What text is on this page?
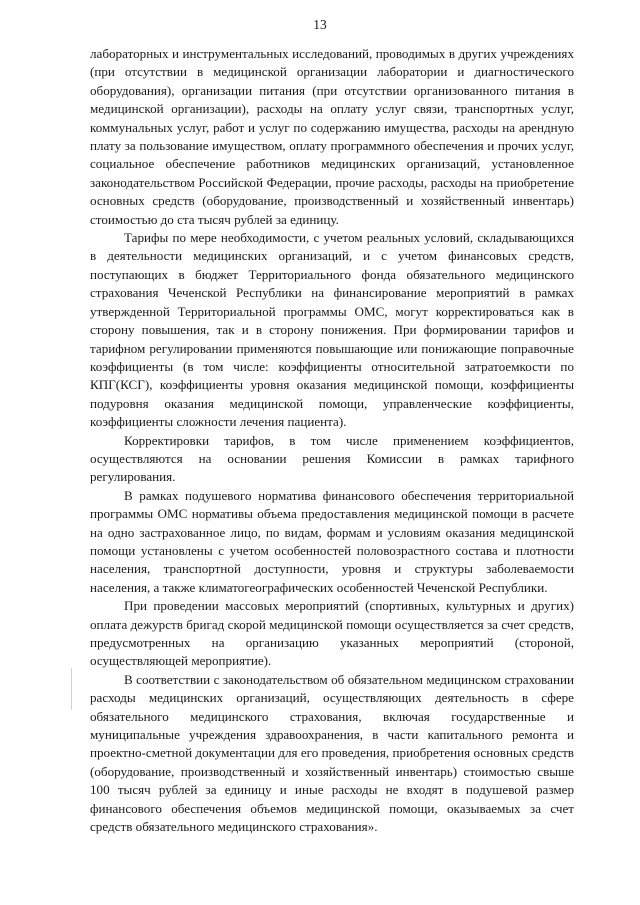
13

лабораторных и инструментальных исследований, проводимых в других учреждениях (при отсутствии в медицинской организации лаборатории и диагностического оборудования), организации питания (при отсутствии организованного питания в медицинской организации), расходы на оплату услуг связи, транспортных услуг, коммунальных услуг, работ и услуг по содержанию имущества, расходы на арендную плату за пользование имуществом, оплату программного обеспечения и прочих услуг, социальное обеспечение работников медицинских организаций, установленное законодательством Российской Федерации, прочие расходы, расходы на приобретение основных средств (оборудование, производственный и хозяйственный инвентарь) стоимостью до ста тысяч рублей за единицу.

Тарифы по мере необходимости, с учетом реальных условий, складывающихся в деятельности медицинских организаций, и с учетом финансовых средств, поступающих в бюджет Территориального фонда обязательного медицинского страхования Чеченской Республики на финансирование мероприятий в рамках утвержденной Территориальной программы ОМС, могут корректироваться как в сторону повышения, так и в сторону понижения. При формировании тарифов и тарифном регулировании применяются повышающие или понижающие поправочные коэффициенты (в том числе: коэффициенты относительной затратоемкости по КПГ(КСГ), коэффициенты уровня оказания медицинской помощи, коэффициенты подуровня оказания медицинской помощи, управленческие коэффициенты, коэффициенты сложности лечения пациента).

Корректировки тарифов, в том числе применением коэффициентов, осуществляются на основании решения Комиссии в рамках тарифного регулирования.

В рамках подушевого норматива финансового обеспечения территориальной программы ОМС нормативы объема предоставления медицинской помощи в расчете на одно застрахованное лицо, по видам, формам и условиям оказания медицинской помощи установлены с учетом особенностей половозрастного состава и плотности населения, транспортной доступности, уровня и структуры заболеваемости населения, а также климатогеографических особенностей Чеченской Республики.

При проведении массовых мероприятий (спортивных, культурных и других) оплата дежурств бригад скорой медицинской помощи осуществляется за счет средств, предусмотренных на организацию указанных мероприятий (стороной, осуществляющей мероприятие).

В соответствии с законодательством об обязательном медицинском страховании расходы медицинских организаций, осуществляющих деятельность в сфере обязательного медицинского страхования, включая государственные и муниципальные учреждения здравоохранения, в части капитального ремонта и проектно-сметной документации для его проведения, приобретения основных средств (оборудование, производственный и хозяйственный инвентарь) стоимостью свыше 100 тысяч рублей за единицу и иные расходы не входят в подушевой размер финансового обеспечения объемов медицинской помощи, оказываемых за счет средств обязательного медицинского страхования».
